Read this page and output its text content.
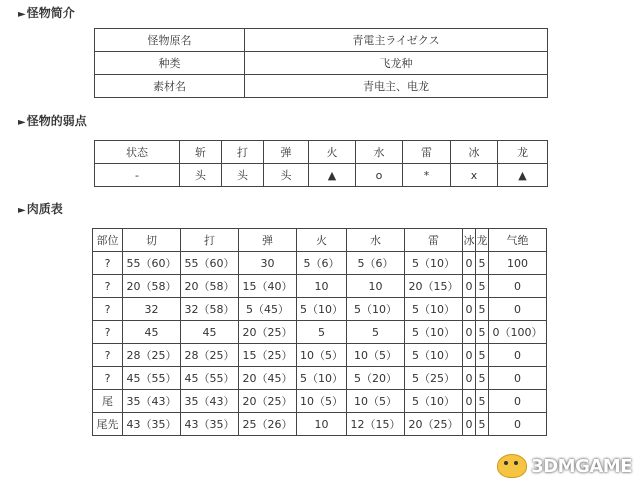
►怪物简介
怪物原名	青電主ライゼクス
种类	飞龙种
素材名	青电主、电龙
►怪物的弱点
状态	斩	打	弹	火	水	雷	冰	龙
-	头	头	头	▲	o	*	x	▲
►肉质表
部位	切	打	弹	火	水	雷	冰	龙	气绝
?	55（60）	55（60）	30	5（6）	5（6）	5（10）	0	5	100
?	20（58）	20（58）	15（40）	10	10	20（15）	0	5	0
?	32	32（58）	5（45）	5（10）	5（10）	5（10）	0	5	0
?	45	45	20（25）	5	5	5（10）	0	5	0（100）
?	28（25）	28（25）	15（25）	10（5）	10（5）	5（10）	0	5	0
?	45（55）	45（55）	20（45）	5（10）	5（20）	5（25）	0	5	0
尾	35（43）	35（43）	20（25）	10（5）	10（5）	5（10）	0	5	0
尾先	43（35）	43（35）	25（26）	10	12（15）	20（25）	0	5	0
3DMGAME
